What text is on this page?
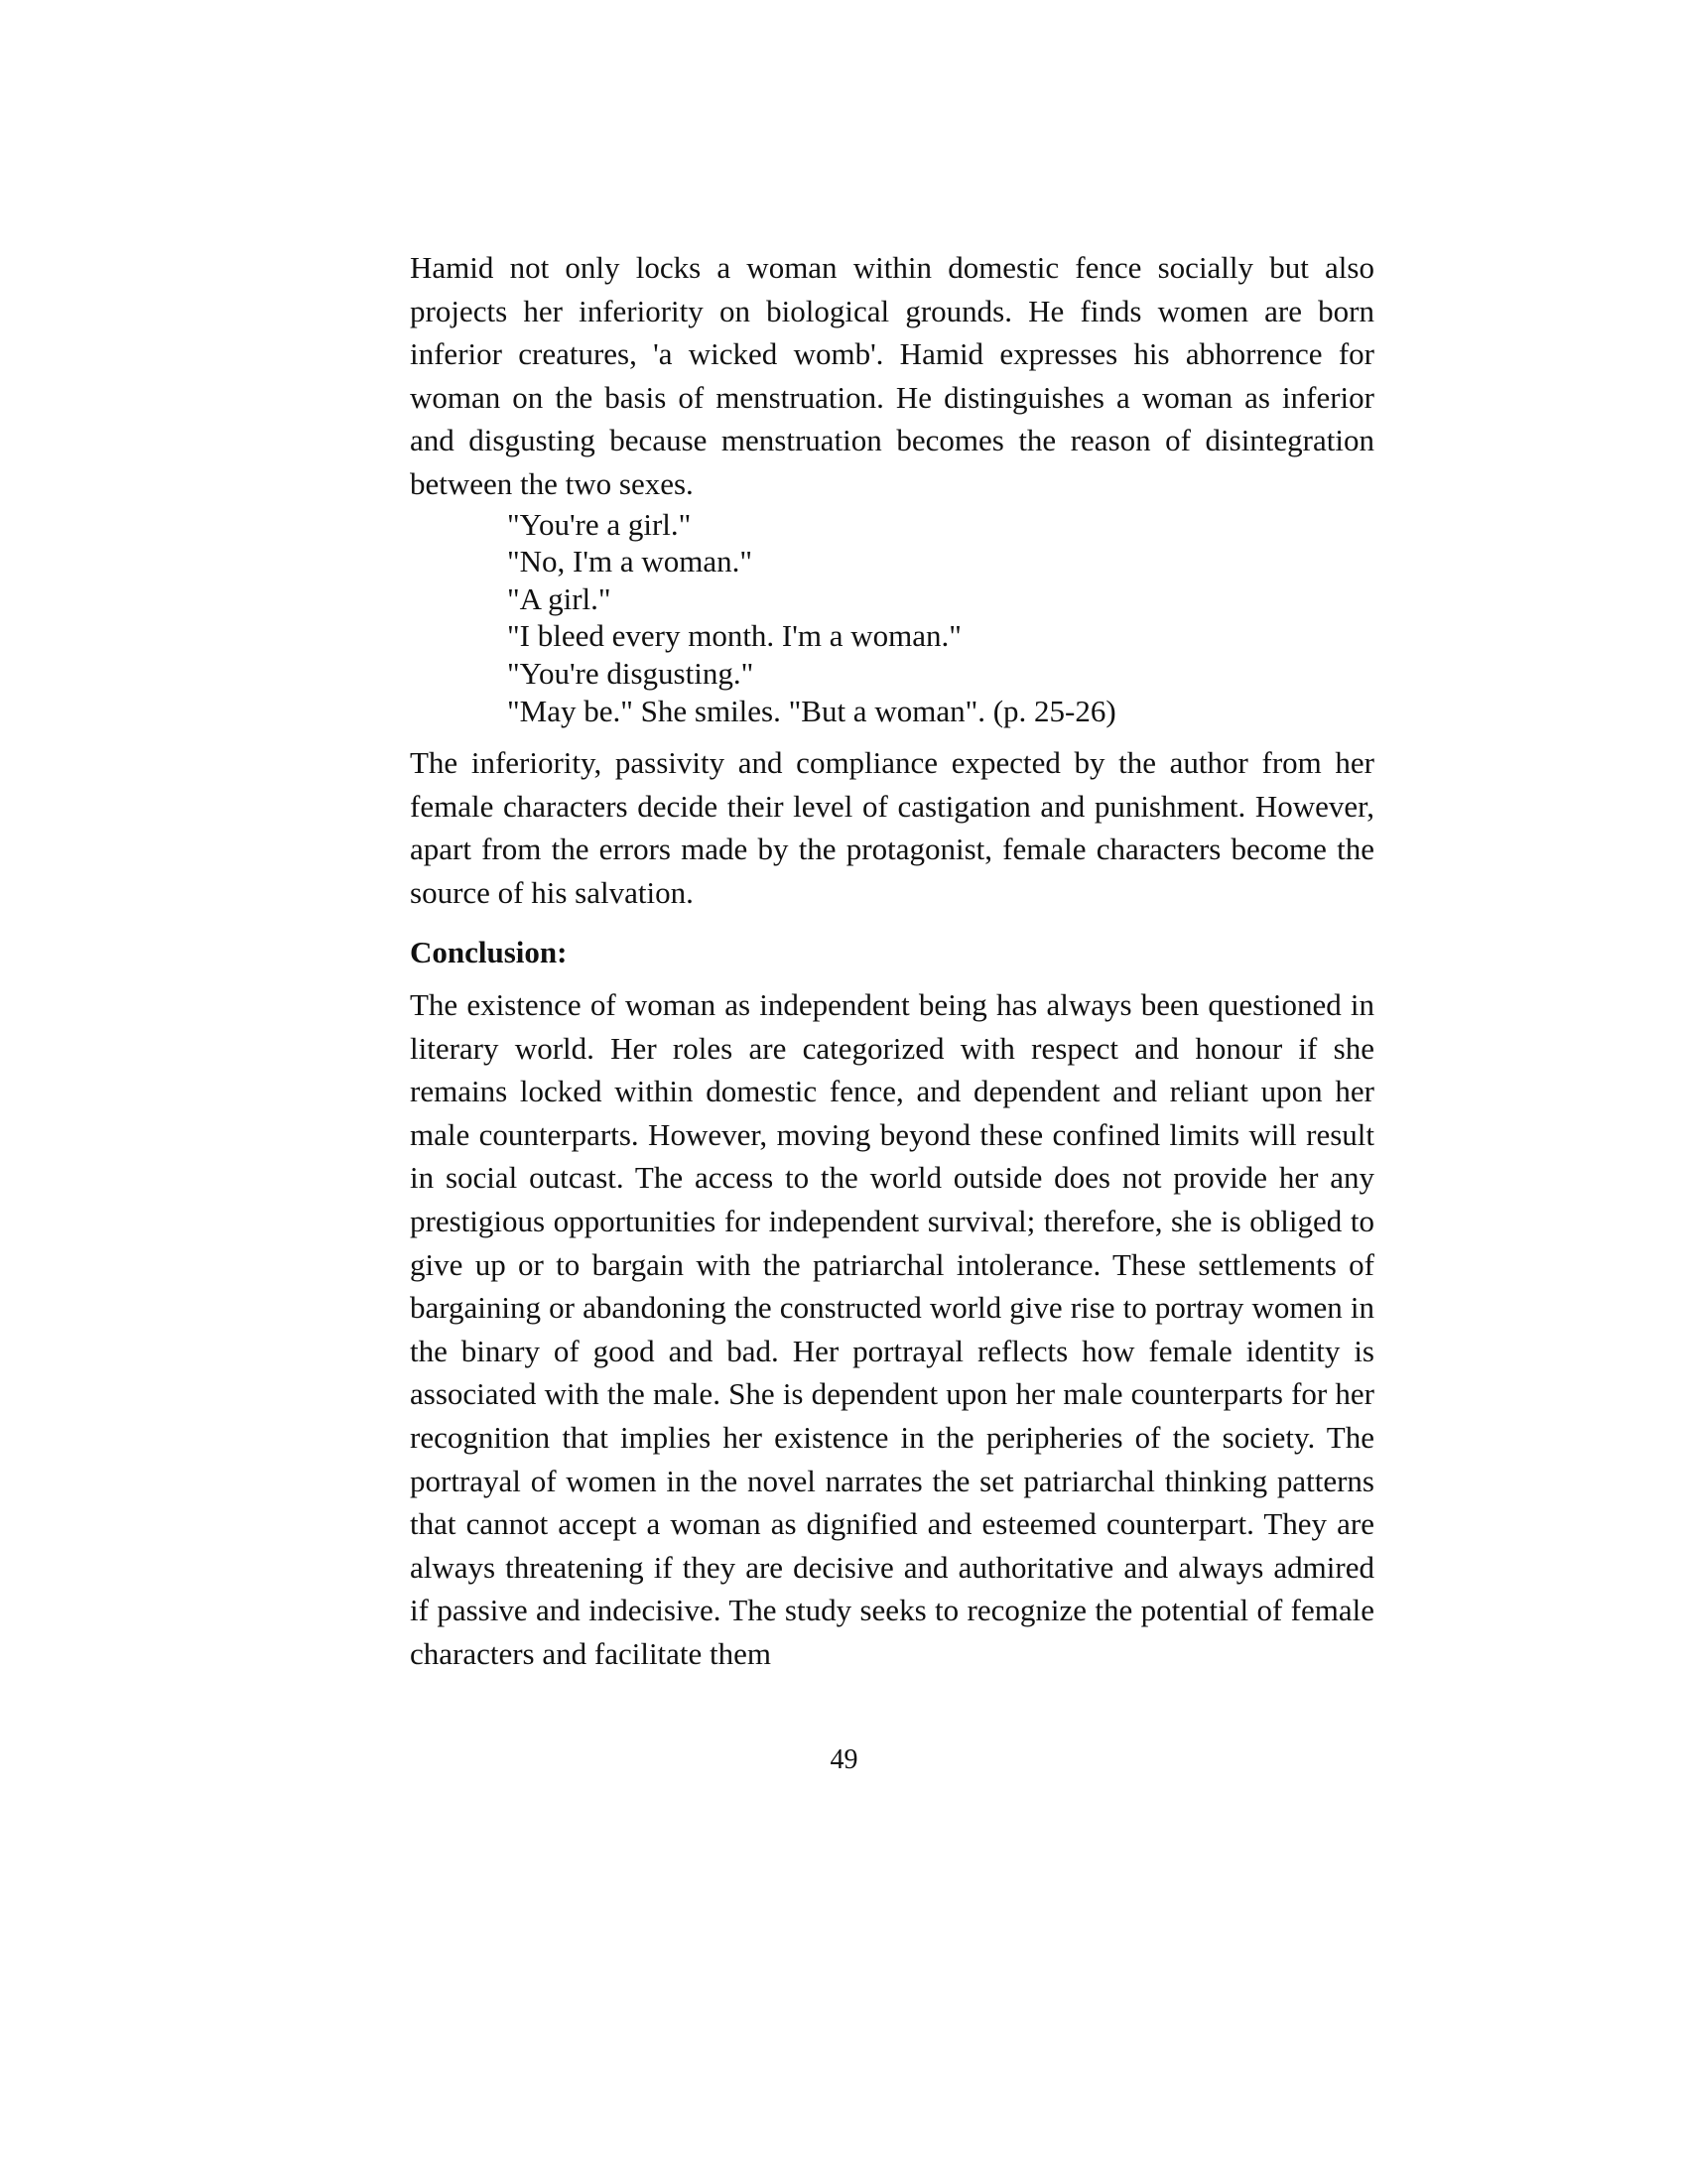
Hamid not only locks a woman within domestic fence socially but also projects her inferiority on biological grounds. He finds women are born inferior creatures, 'a wicked womb'. Hamid expresses his abhorrence for woman on the basis of menstruation. He distinguishes a woman as inferior and disgusting because menstruation becomes the reason of disintegration between the two sexes.

"You're a girl."
"No, I'm a woman."
"A girl."
"I bleed every month. I'm a woman."
"You're disgusting."
"May be." She smiles. "But a woman". (p. 25-26)

The inferiority, passivity and compliance expected by the author from her female characters decide their level of castigation and punishment. However, apart from the errors made by the protagonist, female characters become the source of his salvation.

Conclusion:

The existence of woman as independent being has always been questioned in literary world. Her roles are categorized with respect and honour if she remains locked within domestic fence, and dependent and reliant upon her male counterparts. However, moving beyond these confined limits will result in social outcast. The access to the world outside does not provide her any prestigious opportunities for independent survival; therefore, she is obliged to give up or to bargain with the patriarchal intolerance. These settlements of bargaining or abandoning the constructed world give rise to portray women in the binary of good and bad. Her portrayal reflects how female identity is associated with the male. She is dependent upon her male counterparts for her recognition that implies her existence in the peripheries of the society. The portrayal of women in the novel narrates the set patriarchal thinking patterns that cannot accept a woman as dignified and esteemed counterpart. They are always threatening if they are decisive and authoritative and always admired if passive and indecisive. The study seeks to recognize the potential of female characters and facilitate them

49
